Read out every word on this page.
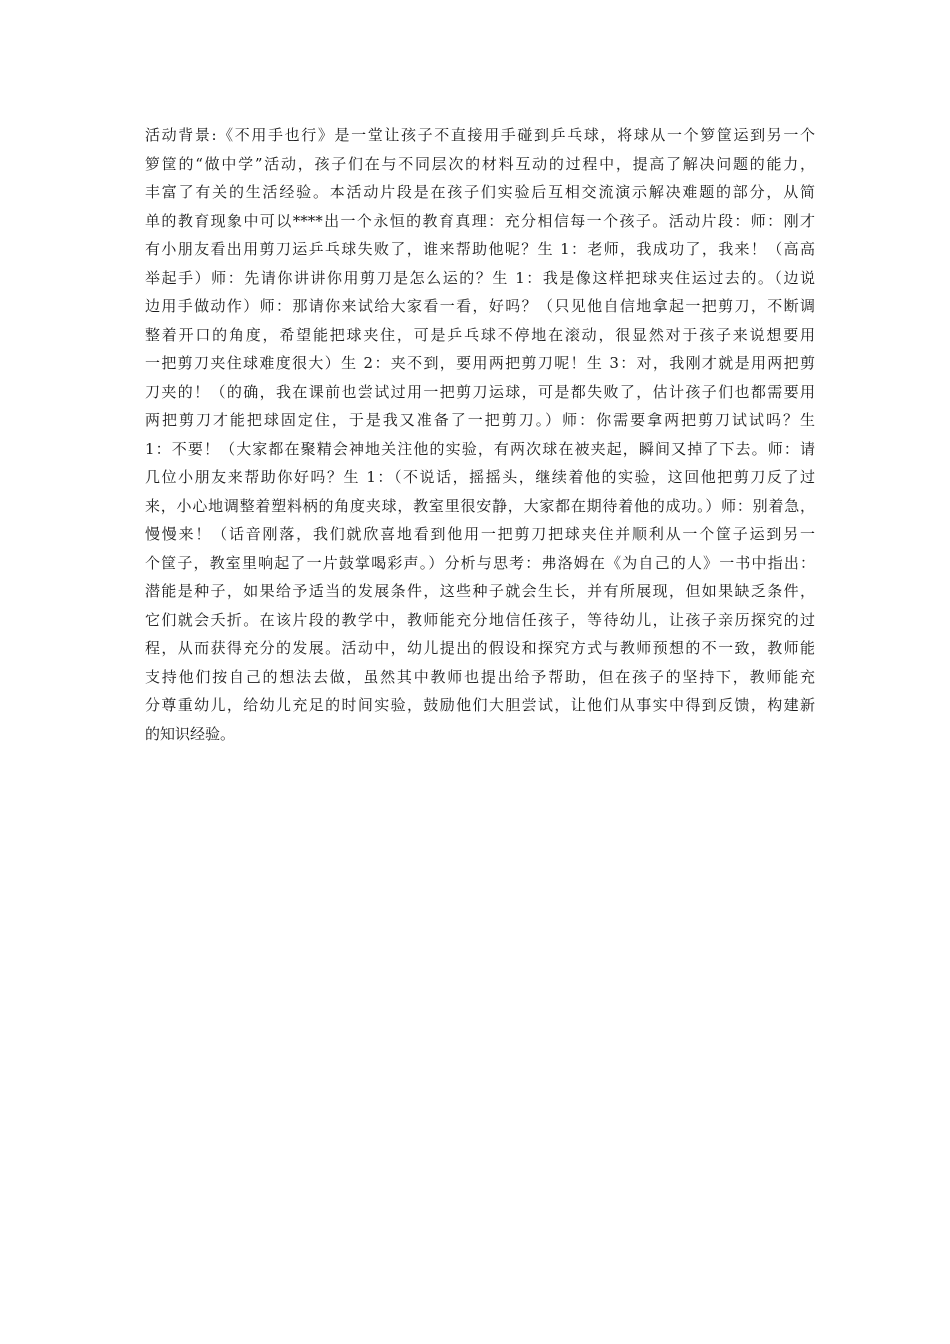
活动背景:《不用手也行》是一堂让孩子不直接用手碰到乒乓球，将球从一个箩筐运到另一个
箩筐的“做中学”活动，孩子们在与不同层次的材料互动的过程中，提高了解决问题的能力，
丰富了有关的生活经验。本活动片段是在孩子们实验后互相交流演示解决难题的部分，从简
单的教育现象中可以****出一个永恒的教育真理：充分相信每一个孩子。活动片段：师：刚才
有小朋友看出用剪刀运乒乓球失败了，谁来帮助他呢？生 1：老师，我成功了，我来！（高高
举起手）师：先请你讲讲你用剪刀是怎么运的？生 1：我是像这样把球夹住运过去的。（边说
边用手做动作）师：那请你来试给大家看一看，好吗？（只见他自信地拿起一把剪刀，不断调
整着开口的角度，希望能把球夹住，可是乒乓球不停地在滚动，很显然对于孩子来说想要用
一把剪刀夹住球难度很大）生 2：夹不到，要用两把剪刀呢！生 3：对，我刚才就是用两把剪
刀夹的！（的确，我在课前也尝试过用一把剪刀运球，可是都失败了，估计孩子们也都需要用
两把剪刀才能把球固定住，于是我又准备了一把剪刀。）师：你需要拿两把剪刀试试吗？生
1：不要！（大家都在聚精会神地关注他的实验，有两次球在被夹起，瞬间又掉了下去。师：请
几位小朋友来帮助你好吗？生 1：（不说话，摇摇头，继续着他的实验，这回他把剪刀反了过
来，小心地调整着塑料柄的角度夹球，教室里很安静，大家都在期待着他的成功。）师：别着急，
慢慢来！（话音刚落，我们就欣喜地看到他用一把剪刀把球夹住并顺利从一个筐子运到另一
个筐子，教室里响起了一片鼓掌喝彩声。）分析与思考：弗洛姆在《为自己的人》一书中指出：
潜能是种子，如果给予适当的发展条件，这些种子就会生长，并有所展现，但如果缺乏条件，
它们就会夭折。在该片段的教学中，教师能充分地信任孩子，等待幼儿，让孩子亲历探究的过
程，从而获得充分的发展。活动中，幼儿提出的假设和探究方式与教师预想的不一致，教师能
支持他们按自己的想法去做，虽然其中教师也提出给予帮助，但在孩子的坚持下，教师能充
分尊重幼儿，给幼儿充足的时间实验，鼓励他们大胆尝试，让他们从事实中得到反馈，构建新
的知识经验。
